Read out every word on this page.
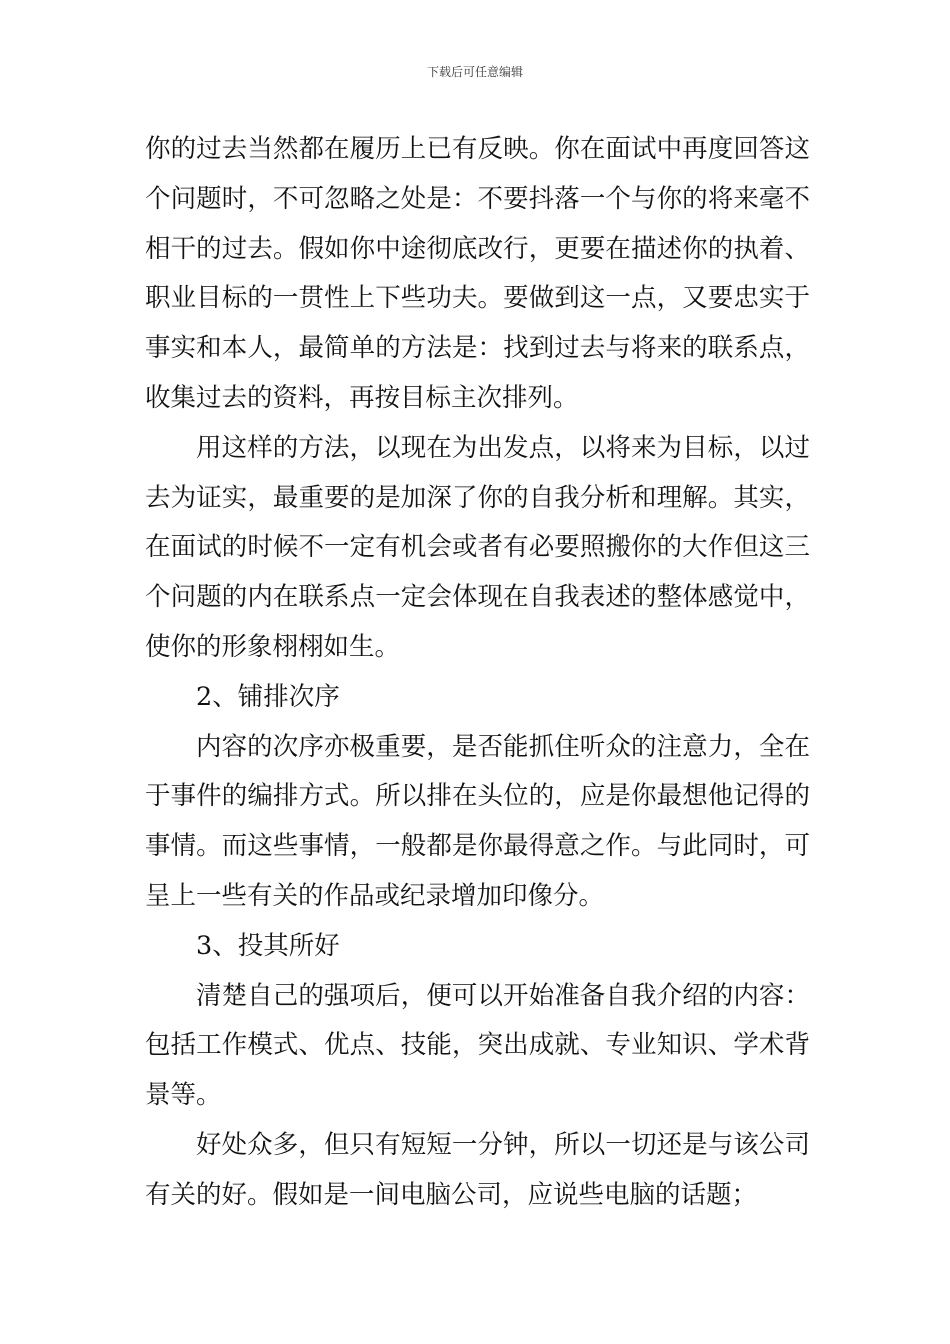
下载后可任意编辑

你的过去当然都在履历上已有反映。你在面试中再度回答这个问题时，不可忽略之处是：不要抖落一个与你的将来毫不相干的过去。假如你中途彻底改行，更要在描述你的执着、职业目标的一贯性上下些功夫。要做到这一点，又要忠实于事实和本人，最简单的方法是：找到过去与将来的联系点，收集过去的资料，再按目标主次排列。

用这样的方法，以现在为出发点，以将来为目标，以过去为证实，最重要的是加深了你的自我分析和理解。其实，在面试的时候不一定有机会或者有必要照搬你的大作但这三个问题的内在联系点一定会体现在自我表述的整体感觉中，使你的形象栩栩如生。

2、铺排次序

内容的次序亦极重要，是否能抓住听众的注意力，全在于事件的编排方式。所以排在头位的，应是你最想他记得的事情。而这些事情，一般都是你最得意之作。与此同时，可呈上一些有关的作品或纪录增加印像分。

3、投其所好

清楚自己的强项后，便可以开始准备自我介绍的内容：包括工作模式、优点、技能，突出成就、专业知识、学术背景等。

好处众多，但只有短短一分钟，所以一切还是与该公司有关的好。假如是一间电脑公司，应说些电脑的话题；
